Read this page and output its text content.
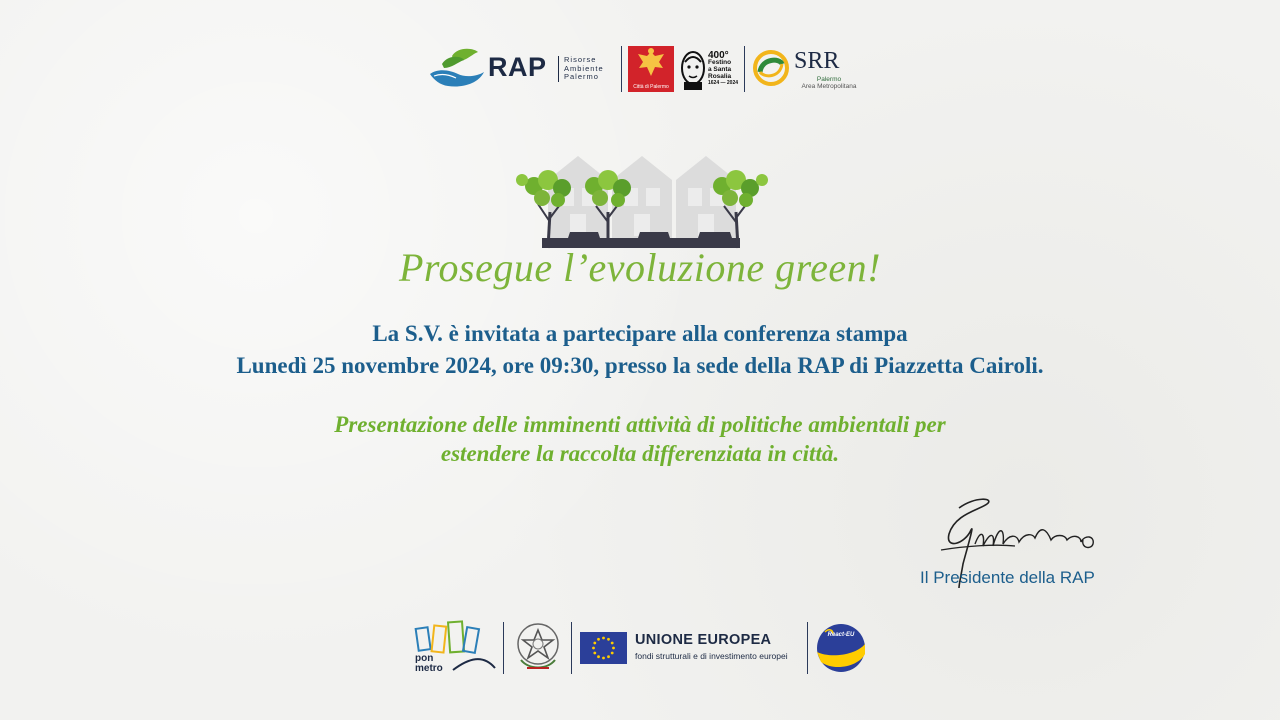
RAP Risorse
Ambiente
Palermo
Città di Palermo
400°
Festino
a Santa
Rosalia
1624 — 2024
SRR
Palermo
Area Metropolitana
Prosegue l’evoluzione green!
La S.V. è invitata a partecipare alla conferenza stampa
Lunedì 25 novembre 2024, ore 09:30, presso la sede della RAP di Piazzetta Cairoli.
Presentazione delle imminenti attività di politiche ambientali per
estendere la raccolta differenziata in città.
Il Presidente della RAP
pon
metro
UNIONE EUROPEA
fondi strutturali e di investimento europei
React-EU
